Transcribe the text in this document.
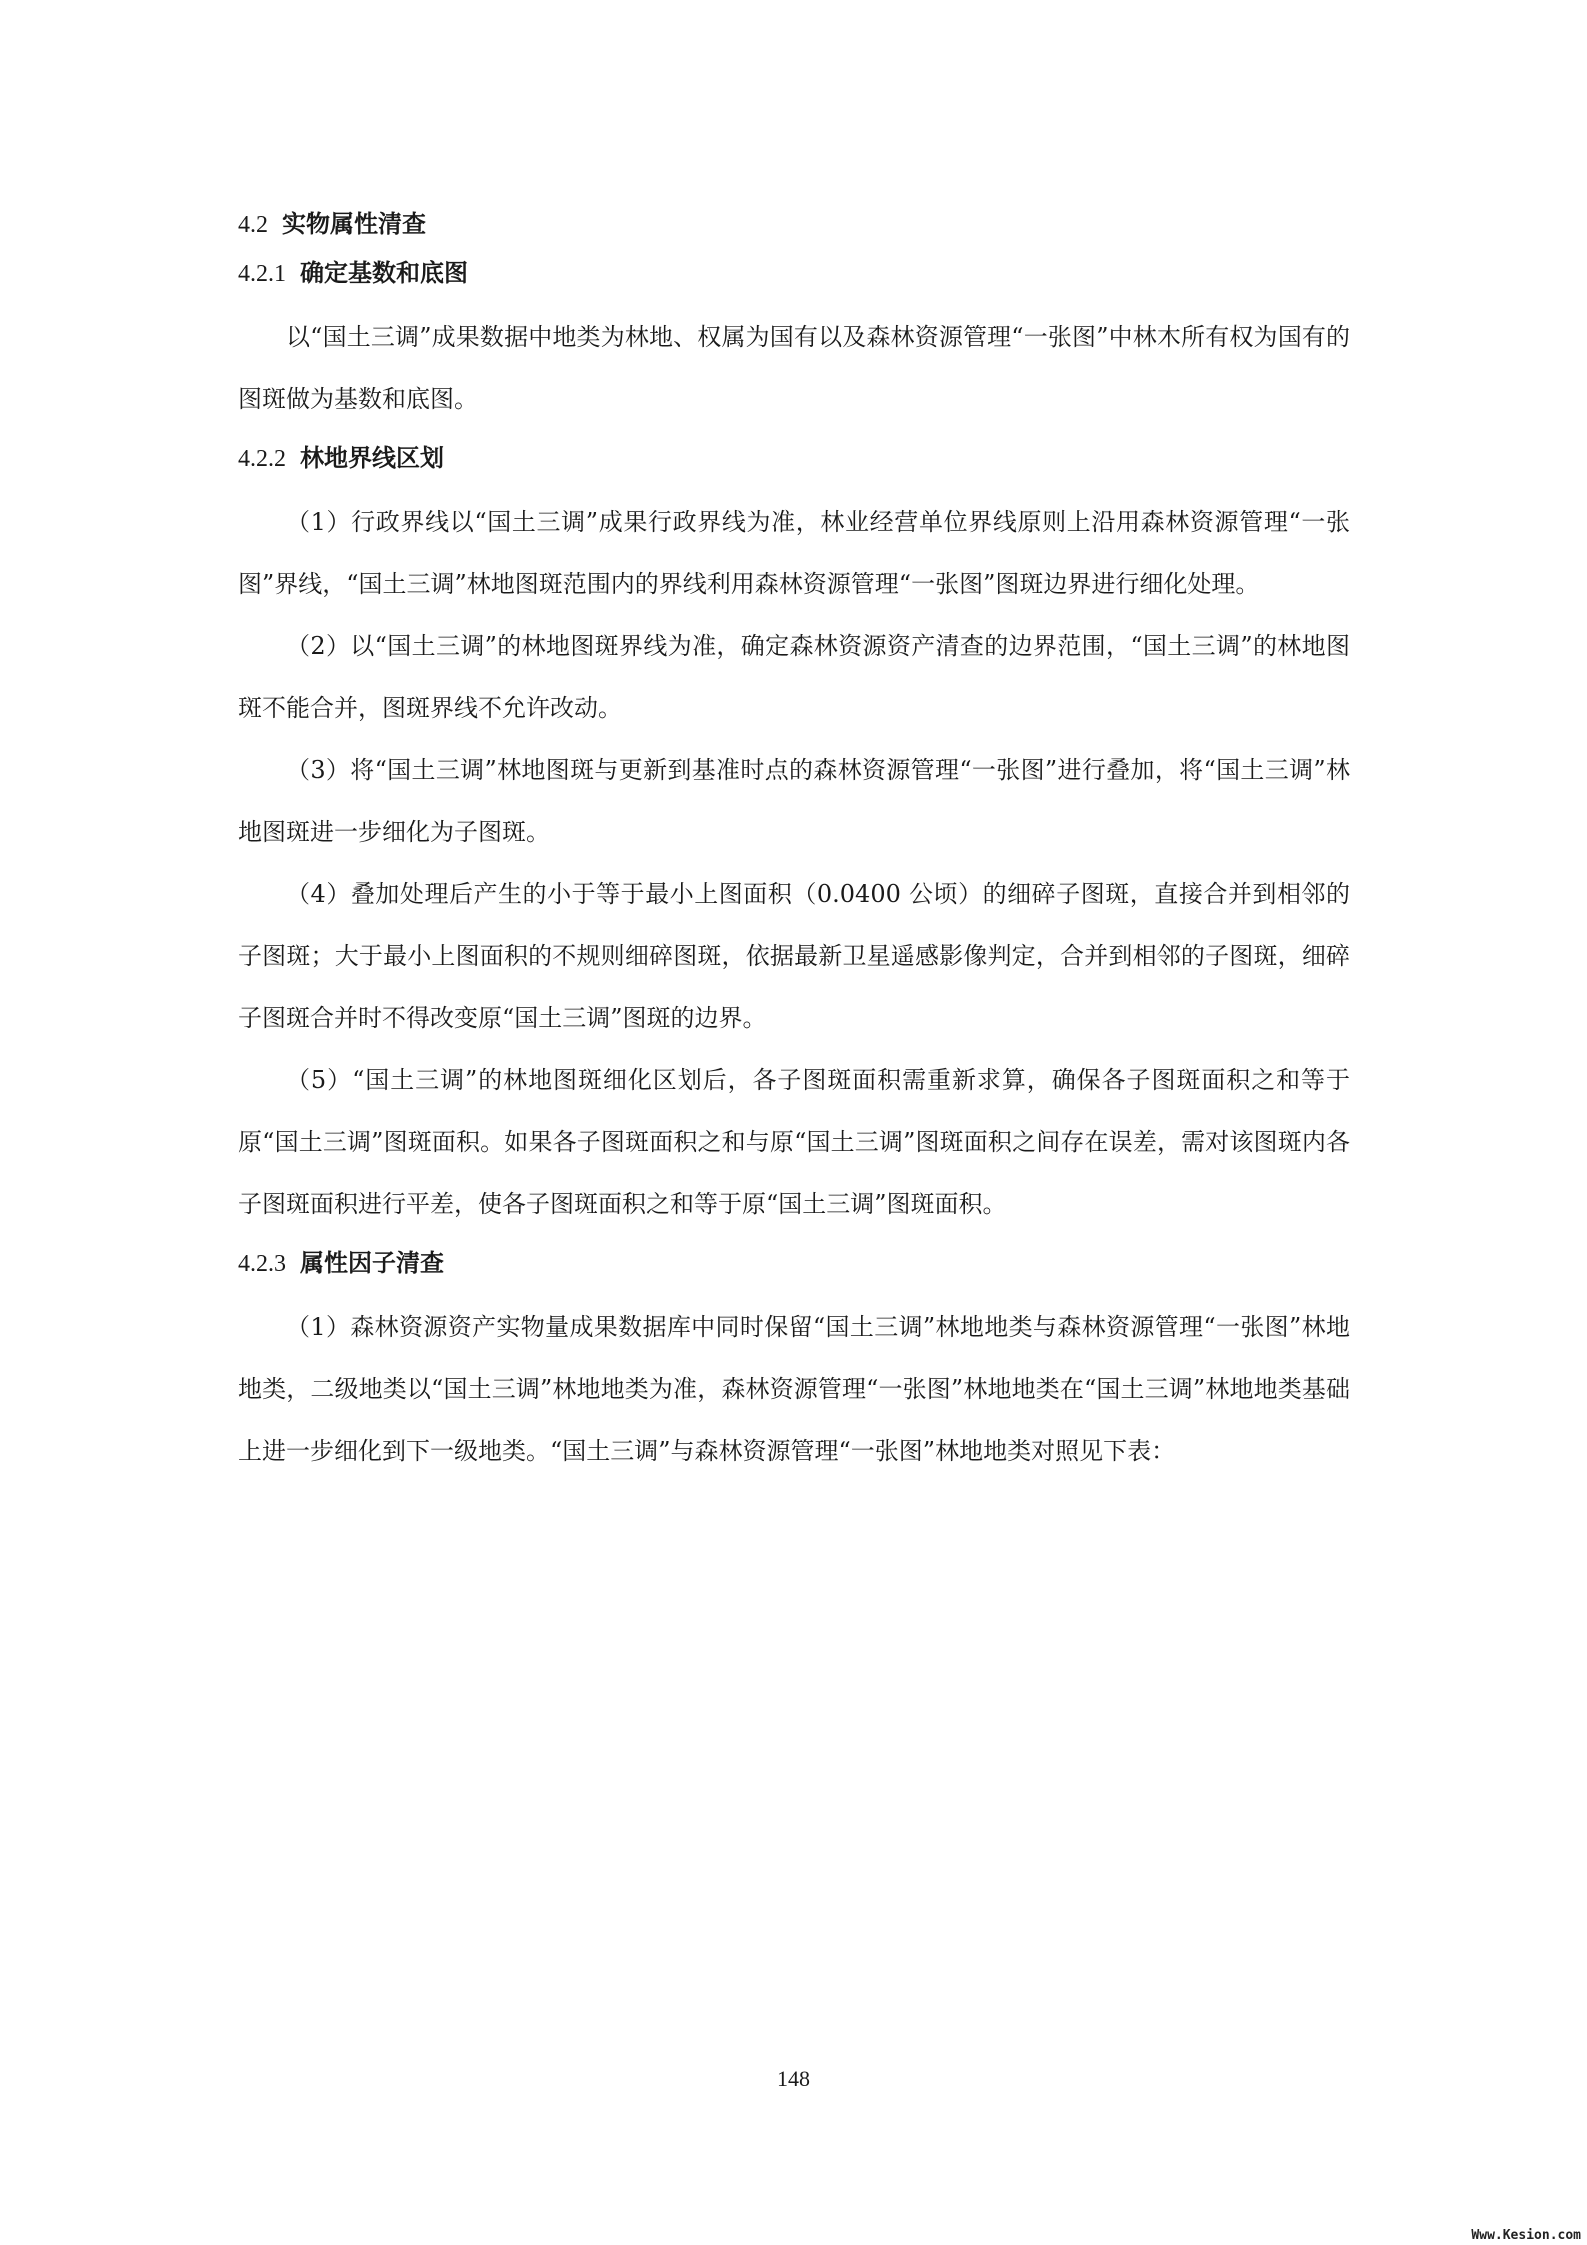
4.2 实物属性清查
4.2.1 确定基数和底图

以“国土三调”成果数据中地类为林地、权属为国有以及森林资源管理“一张图”中林木所有权为国有的图斑做为基数和底图。

4.2.2 林地界线区划

（1）行政界线以“国土三调”成果行政界线为准，林业经营单位界线原则上沿用森林资源管理“一张图”界线，“国土三调”林地图斑范围内的界线利用森林资源管理“一张图”图斑边界进行细化处理。

（2）以“国土三调”的林地图斑界线为准，确定森林资源资产清查的边界范围，“国土三调”的林地图斑不能合并，图斑界线不允许改动。

（3）将“国土三调”林地图斑与更新到基准时点的森林资源管理“一张图”进行叠加，将“国土三调”林地图斑进一步细化为子图斑。

（4）叠加处理后产生的小于等于最小上图面积（0.0400 公顷）的细碎子图斑，直接合并到相邻的子图斑；大于最小上图面积的不规则细碎图斑，依据最新卫星遥感影像判定，合并到相邻的子图斑，细碎子图斑合并时不得改变原“国土三调”图斑的边界。

（5）“国土三调”的林地图斑细化区划后，各子图斑面积需重新求算，确保各子图斑面积之和等于原“国土三调”图斑面积。如果各子图斑面积之和与原“国土三调”图斑面积之间存在误差，需对该图斑内各子图斑面积进行平差，使各子图斑面积之和等于原“国土三调”图斑面积。

4.2.3 属性因子清查

（1）森林资源资产实物量成果数据库中同时保留“国土三调”林地地类与森林资源管理“一张图”林地地类，二级地类以“国土三调”林地地类为准，森林资源管理“一张图”林地地类在“国土三调”林地地类基础上进一步细化到下一级地类。“国土三调”与森林资源管理“一张图”林地地类对照见下表：

148
Www.Kesion.com
